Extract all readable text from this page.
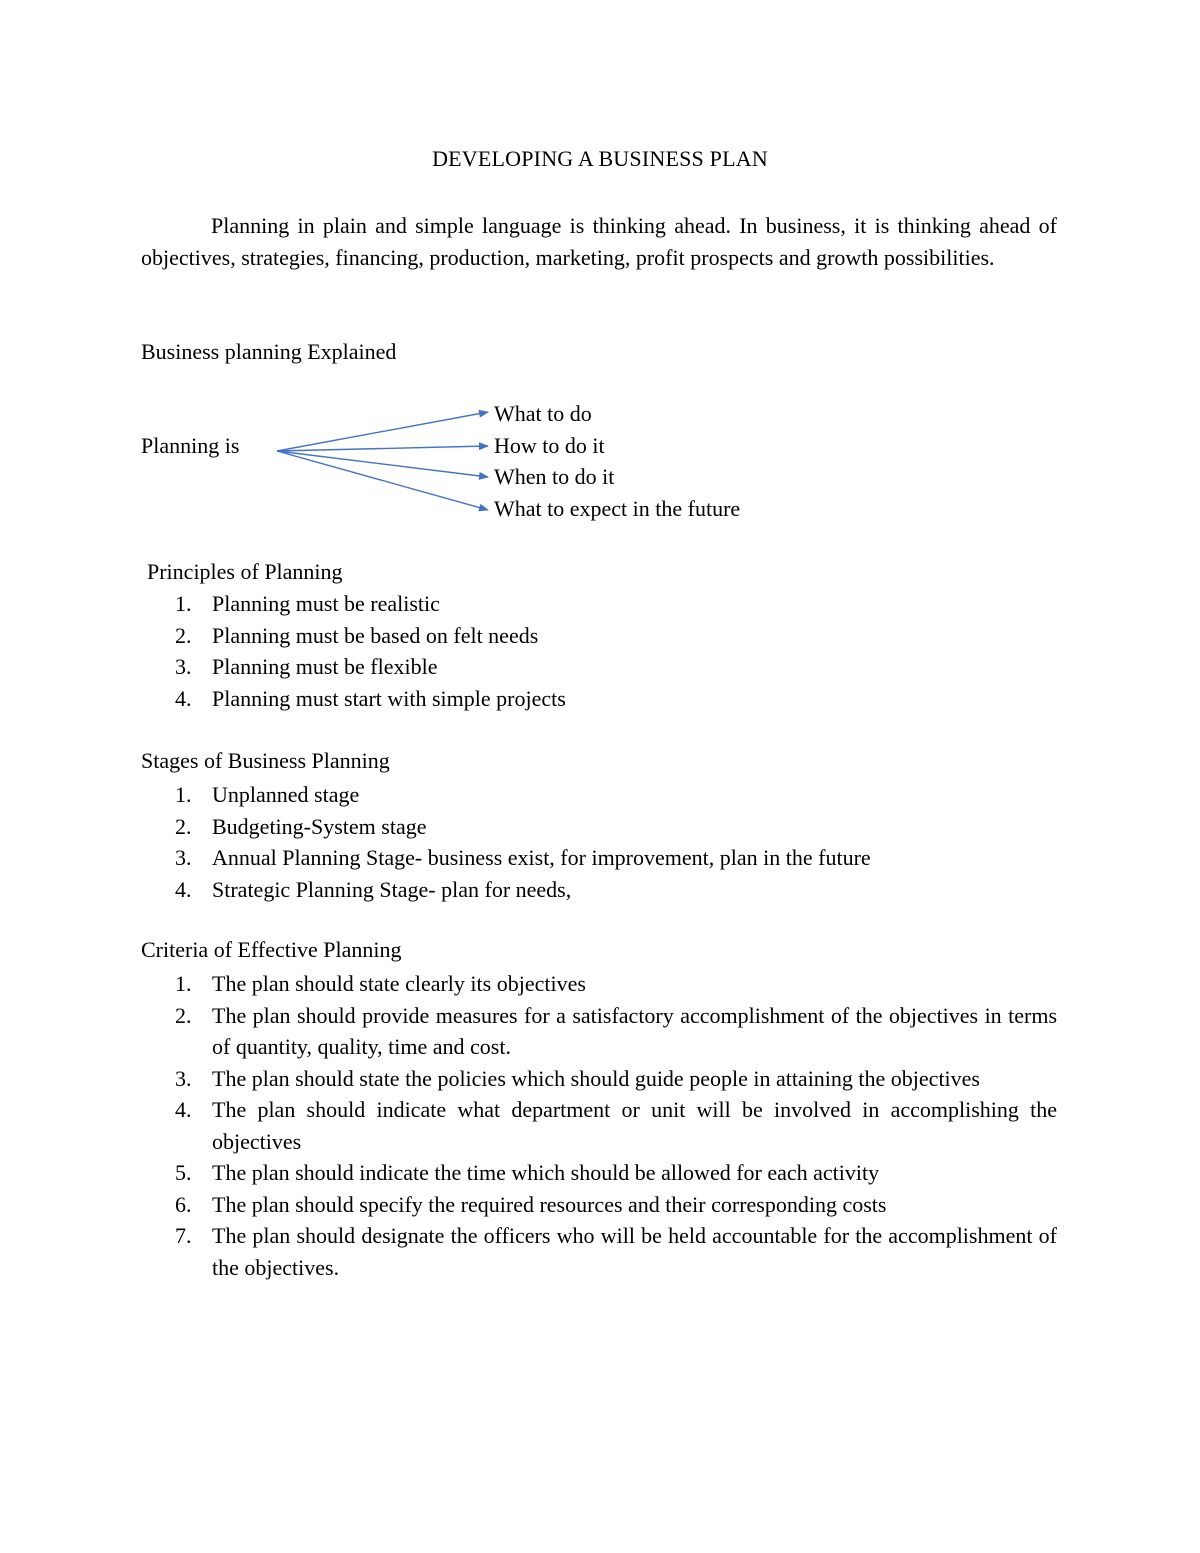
DEVELOPING A BUSINESS PLAN

Planning in plain and simple language is thinking ahead. In business, it is thinking ahead of objectives, strategies, financing, production, marketing, profit prospects and growth possibilities.

Business planning Explained

Planning is
What to do
How to do it
When to do it
What to expect in the future

Principles of Planning

1. Planning must be realistic
2. Planning must be based on felt needs
3. Planning must be flexible
4. Planning must start with simple projects

Stages of Business Planning

1. Unplanned stage
2. Budgeting-System stage
3. Annual Planning Stage- business exist, for improvement, plan in the future
4. Strategic Planning Stage- plan for needs,

Criteria of Effective Planning

1. The plan should state clearly its objectives
2. The plan should provide measures for a satisfactory accomplishment of the objectives in terms of quantity, quality, time and cost.
3. The plan should state the policies which should guide people in attaining the objectives
4. The plan should indicate what department or unit will be involved in accomplishing the objectives
5. The plan should indicate the time which should be allowed for each activity
6. The plan should specify the required resources and their corresponding costs
7. The plan should designate the officers who will be held accountable for the accomplishment of the objectives.
